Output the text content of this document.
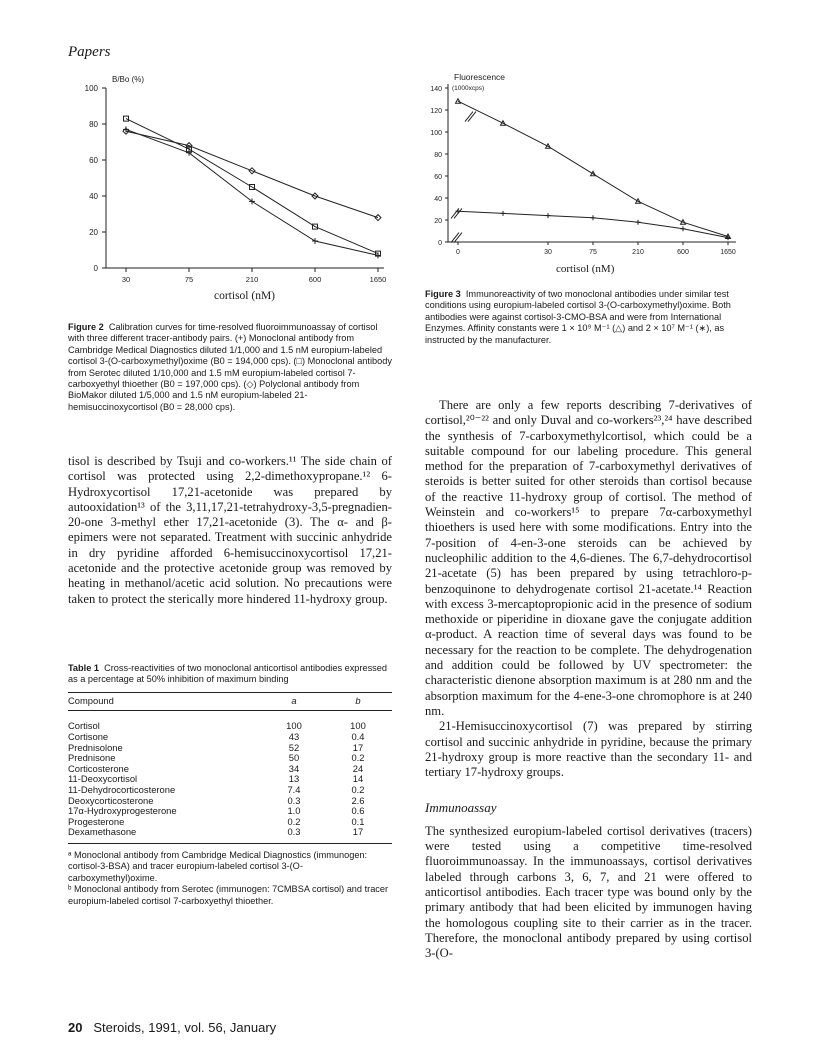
Papers
0
20
40
60
80
100
30	75	210	600	1650
B/Bo (%)
cortisol (nM)
Figure 2 Calibration curves for time-resolved fluoroimmunoassay of cortisol with three different tracer-antibody pairs. (+) Monoclonal antibody from Cambridge Medical Diagnostics diluted 1/1,000 and 1.5 nM europium-labeled cortisol 3-(O-carboxymethyl)oxime (B0 = 194,000 cps). (□) Monoclonal antibody from Serotec diluted 1/10,000 and 1.5 mM europium-labeled cortisol 7-carboxyethyl thioether (B0 = 197,000 cps). (◇) Polyclonal antibody from BioMakor diluted 1/5,000 and 1.5 nM europium-labeled 21-hemisuccinoxycortisol (B0 = 28,000 cps).
0
20
40
60
80
100
120
140
0	30	75	210	600	1650
Fluorescence
(1000xcps)
cortisol (nM)
Figure 3 Immunoreactivity of two monoclonal antibodies under similar test conditions using europium-labeled cortisol 3-(O-carboxymethyl)oxime. Both antibodies were against cortisol-3-CMO-BSA and were from International Enzymes. Affinity constants were 1 × 10⁹ M⁻¹ (△) and 2 × 10⁷ M⁻¹ (∗), as instructed by the manufacturer.

tisol is described by Tsuji and co-workers.¹¹ The side chain of cortisol was protected using 2,2-dimethoxypropane.¹² 6-Hydroxycortisol 17,21-acetonide was prepared by autooxidation¹³ of the 3,11,17,21-tetrahydroxy-3,5-pregnadien-20-one 3-methyl ether 17,21-acetonide (3). The α- and β-epimers were not separated. Treatment with succinic anhydride in dry pyridine afforded 6-hemisuccinoxycortisol 17,21-acetonide and the protective acetonide group was removed by heating in methanol/acetic acid solution. No precautions were taken to protect the sterically more hindered 11-hydroxy group.

Table 1 Cross-reactivities of two monoclonal anticortisol antibodies expressed as a percentage at 50% inhibition of maximum binding
Compound	a	b
Cortisol	100	100
Cortisone	43	0.4
Prednisolone	52	17
Prednisone	50	0.2
Corticosterone	34	24
11-Deoxycortisol	13	14
11-Dehydrocorticosterone	7.4	0.2
Deoxycorticosterone	0.3	2.6
17α-Hydroxyprogesterone	1.0	0.6
Progesterone	0.2	0.1
Dexamethasone	0.3	17
ᵃ Monoclonal antibody from Cambridge Medical Diagnostics (immunogen: cortisol-3-BSA) and tracer europium-labeled cortisol 3-(O-carboxymethyl)oxime.
ᵇ Monoclonal antibody from Serotec (immunogen: 7CMBSA cortisol) and tracer europium-labeled cortisol 7-carboxyethyl thioether.

There are only a few reports describing 7-derivatives of cortisol,²⁰⁻²² and only Duval and co-workers²³,²⁴ have described the synthesis of 7-carboxymethylcortisol, which could be a suitable compound for our labeling procedure. This general method for the preparation of 7-carboxymethyl derivatives of steroids is better suited for other steroids than cortisol because of the reactive 11-hydroxy group of cortisol. The method of Weinstein and co-workers¹⁵ to prepare 7α-carboxymethyl thioethers is used here with some modifications. Entry into the 7-position of 4-en-3-one steroids can be achieved by nucleophilic addition to the 4,6-dienes. The 6,7-dehydrocortisol 21-acetate (5) has been prepared by using tetrachloro-p-benzoquinone to dehydrogenate cortisol 21-acetate.¹⁴ Reaction with excess 3-mercaptopropionic acid in the presence of sodium methoxide or piperidine in dioxane gave the conjugate addition α-product. A reaction time of several days was found to be necessary for the reaction to be complete. The dehydrogenation and addition could be followed by UV spectrometer: the characteristic dienone absorption maximum is at 280 nm and the absorption maximum for the 4-ene-3-one chromophore is at 240 nm.

21-Hemisuccinoxycortisol (7) was prepared by stirring cortisol and succinic anhydride in pyridine, because the primary 21-hydroxy group is more reactive than the secondary 11- and tertiary 17-hydroxy groups.

Immunoassay

The synthesized europium-labeled cortisol derivatives (tracers) were tested using a competitive time-resolved fluoroimmunoassay. In the immunoassays, cortisol derivatives labeled through carbons 3, 6, 7, and 21 were offered to anticortisol antibodies. Each tracer type was bound only by the primary antibody that had been elicited by immunogen having the homologous coupling site to their carrier as in the tracer. Therefore, the monoclonal antibody prepared by using cortisol 3-(O-

20 Steroids, 1991, vol. 56, January
